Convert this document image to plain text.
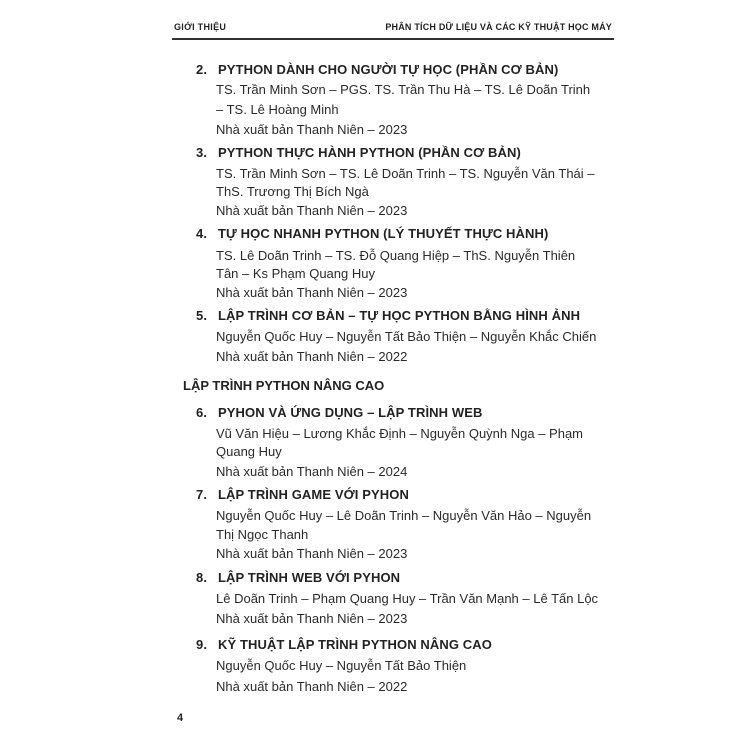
GIỚI THIỆU	PHÂN TÍCH DỮ LIỆU VÀ CÁC KỸ THUẬT HỌC MÁY
2. PYTHON DÀNH CHO NGƯỜI TỰ HỌC (PHẦN CƠ BẢN)
TS. Trần Minh Sơn – PGS. TS. Trần Thu Hà – TS. Lê Doãn Trinh
– TS. Lê Hoàng Minh
Nhà xuất bản Thanh Niên – 2023
3. PYTHON THỰC HÀNH PYTHON (PHẦN CƠ BẢN)
TS. Trần Minh Sơn – TS. Lê Doãn Trinh – TS. Nguyễn Văn Thái –
ThS. Trương Thị Bích Ngà
Nhà xuất bản Thanh Niên – 2023
4. TỰ HỌC NHANH PYTHON (LÝ THUYẾT THỰC HÀNH)
TS. Lê Doãn Trinh – TS. Đỗ Quang Hiệp – ThS. Nguyễn Thiên
Tân – Ks Phạm Quang Huy
Nhà xuất bản Thanh Niên – 2023
5. LẬP TRÌNH CƠ BẢN – TỰ HỌC PYTHON BẰNG HÌNH ẢNH
Nguyễn Quốc Huy – Nguyễn Tất Bảo Thiện – Nguyễn Khắc Chiến
Nhà xuất bản Thanh Niên – 2022
LẬP TRÌNH PYTHON NÂNG CAO
6. PYHON VÀ ỨNG DỤNG – LẬP TRÌNH WEB
Vũ Văn Hiệu – Lương Khắc Định – Nguyễn Quỳnh Nga – Phạm
Quang Huy
Nhà xuất bản Thanh Niên – 2024
7. LẬP TRÌNH GAME VỚI PYHON
Nguyễn Quốc Huy – Lê Doãn Trinh – Nguyễn Văn Hảo – Nguyễn
Thị Ngọc Thanh
Nhà xuất bản Thanh Niên – 2023
8. LẬP TRÌNH WEB VỚI PYHON
Lê Doãn Trinh – Phạm Quang Huy – Trần Văn Mạnh – Lê Tấn Lộc
Nhà xuất bản Thanh Niên – 2023
9. KỸ THUẬT LẬP TRÌNH PYTHON NÂNG CAO
Nguyễn Quốc Huy – Nguyễn Tất Bảo Thiện
Nhà xuất bản Thanh Niên – 2022
4
